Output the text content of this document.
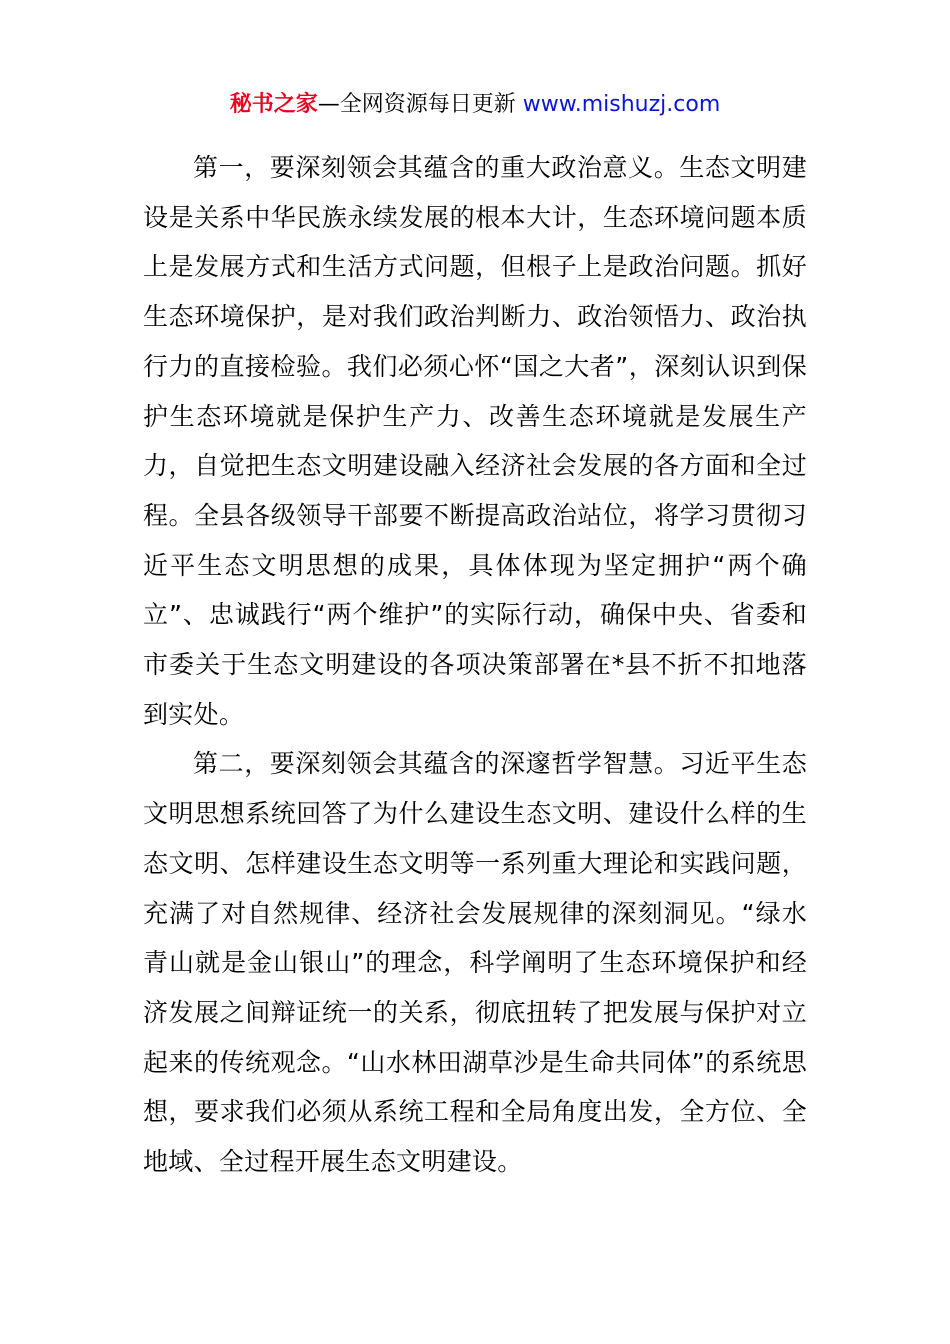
秘书之家—全网资源每日更新 www.mishuzj.com

第一，要深刻领会其蕴含的重大政治意义。生态文明建设是关系中华民族永续发展的根本大计，生态环境问题本质上是发展方式和生活方式问题，但根子上是政治问题。抓好生态环境保护，是对我们政治判断力、政治领悟力、政治执行力的直接检验。我们必须心怀“国之大者”，深刻认识到保护生态环境就是保护生产力、改善生态环境就是发展生产力，自觉把生态文明建设融入经济社会发展的各方面和全过程。全县各级领导干部要不断提高政治站位，将学习贯彻习近平生态文明思想的成果，具体体现为坚定拥护“两个确立”、忠诚践行“两个维护”的实际行动，确保中央、省委和市委关于生态文明建设的各项决策部署在*县不折不扣地落到实处。

第二，要深刻领会其蕴含的深邃哲学智慧。习近平生态文明思想系统回答了为什么建设生态文明、建设什么样的生态文明、怎样建设生态文明等一系列重大理论和实践问题，充满了对自然规律、经济社会发展规律的深刻洞见。“绿水青山就是金山银山”的理念，科学阐明了生态环境保护和经济发展之间辩证统一的关系，彻底扭转了把发展与保护对立起来的传统观念。“山水林田湖草沙是生命共同体”的系统思想，要求我们必须从系统工程和全局角度出发，全方位、全地域、全过程开展生态文明建设。
